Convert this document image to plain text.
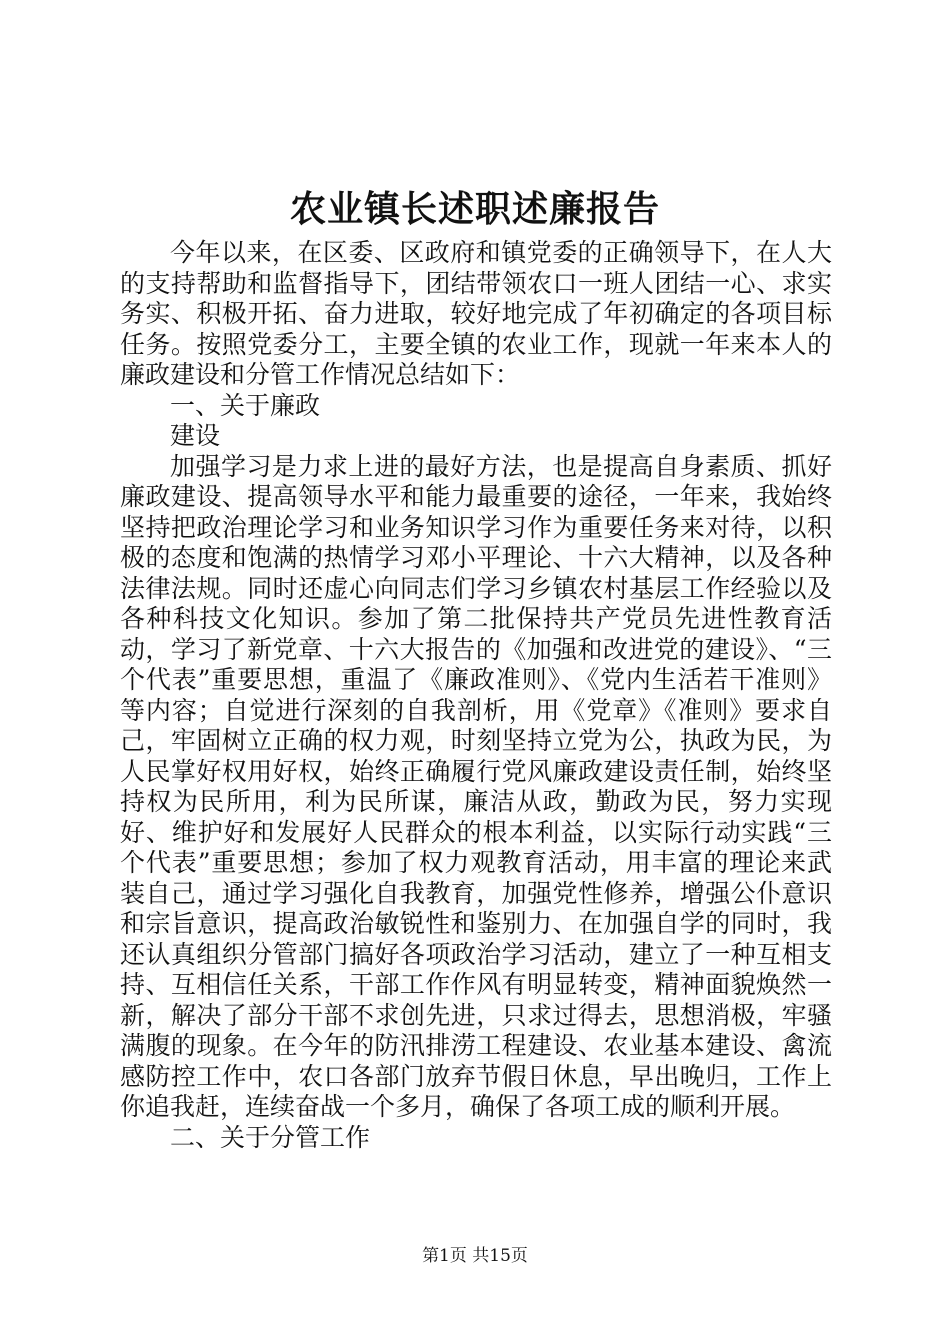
农业镇长述职述廉报告

今年以来，在区委、区政府和镇党委的正确领导下，在人大的支持帮助和监督指导下，团结带领农口一班人团结一心、求实务实、积极开拓、奋力进取，较好地完成了年初确定的各项目标任务。按照党委分工，主要全镇的农业工作，现就一年来本人的廉政建设和分管工作情况总结如下：

一、关于廉政

建设

加强学习是力求上进的最好方法，也是提高自身素质、抓好廉政建设、提高领导水平和能力最重要的途径，一年来，我始终坚持把政治理论学习和业务知识学习作为重要任务来对待，以积极的态度和饱满的热情学习邓小平理论、十六大精神，以及各种法律法规。同时还虚心向同志们学习乡镇农村基层工作经验以及各种科技文化知识。参加了第二批保持共产党员先进性教育活动，学习了新党章、十六大报告的《加强和改进党的建设》、“三个代表”重要思想，重温了《廉政准则》、《党内生活若干准则》等内容；自觉进行深刻的自我剖析，用《党章》《准则》要求自己，牢固树立正确的权力观，时刻坚持立党为公，执政为民，为人民掌好权用好权，始终正确履行党风廉政建设责任制，始终坚持权为民所用，利为民所谋，廉洁从政，勤政为民，努力实现好、维护好和发展好人民群众的根本利益，以实际行动实践“三个代表”重要思想；参加了权力观教育活动，用丰富的理论来武装自己，通过学习强化自我教育，加强党性修养，增强公仆意识和宗旨意识，提高政治敏锐性和鉴别力、在加强自学的同时，我还认真组织分管部门搞好各项政治学习活动，建立了一种互相支持、互相信任关系，干部工作作风有明显转变，精神面貌焕然一新，解决了部分干部不求创先进，只求过得去，思想消极，牢骚满腹的现象。在今年的防汛排涝工程建设、农业基本建设、禽流感防控工作中，农口各部门放弃节假日休息，早出晚归，工作上你追我赶，连续奋战一个多月，确保了各项工成的顺利开展。

二、关于分管工作

第1页 共15页
